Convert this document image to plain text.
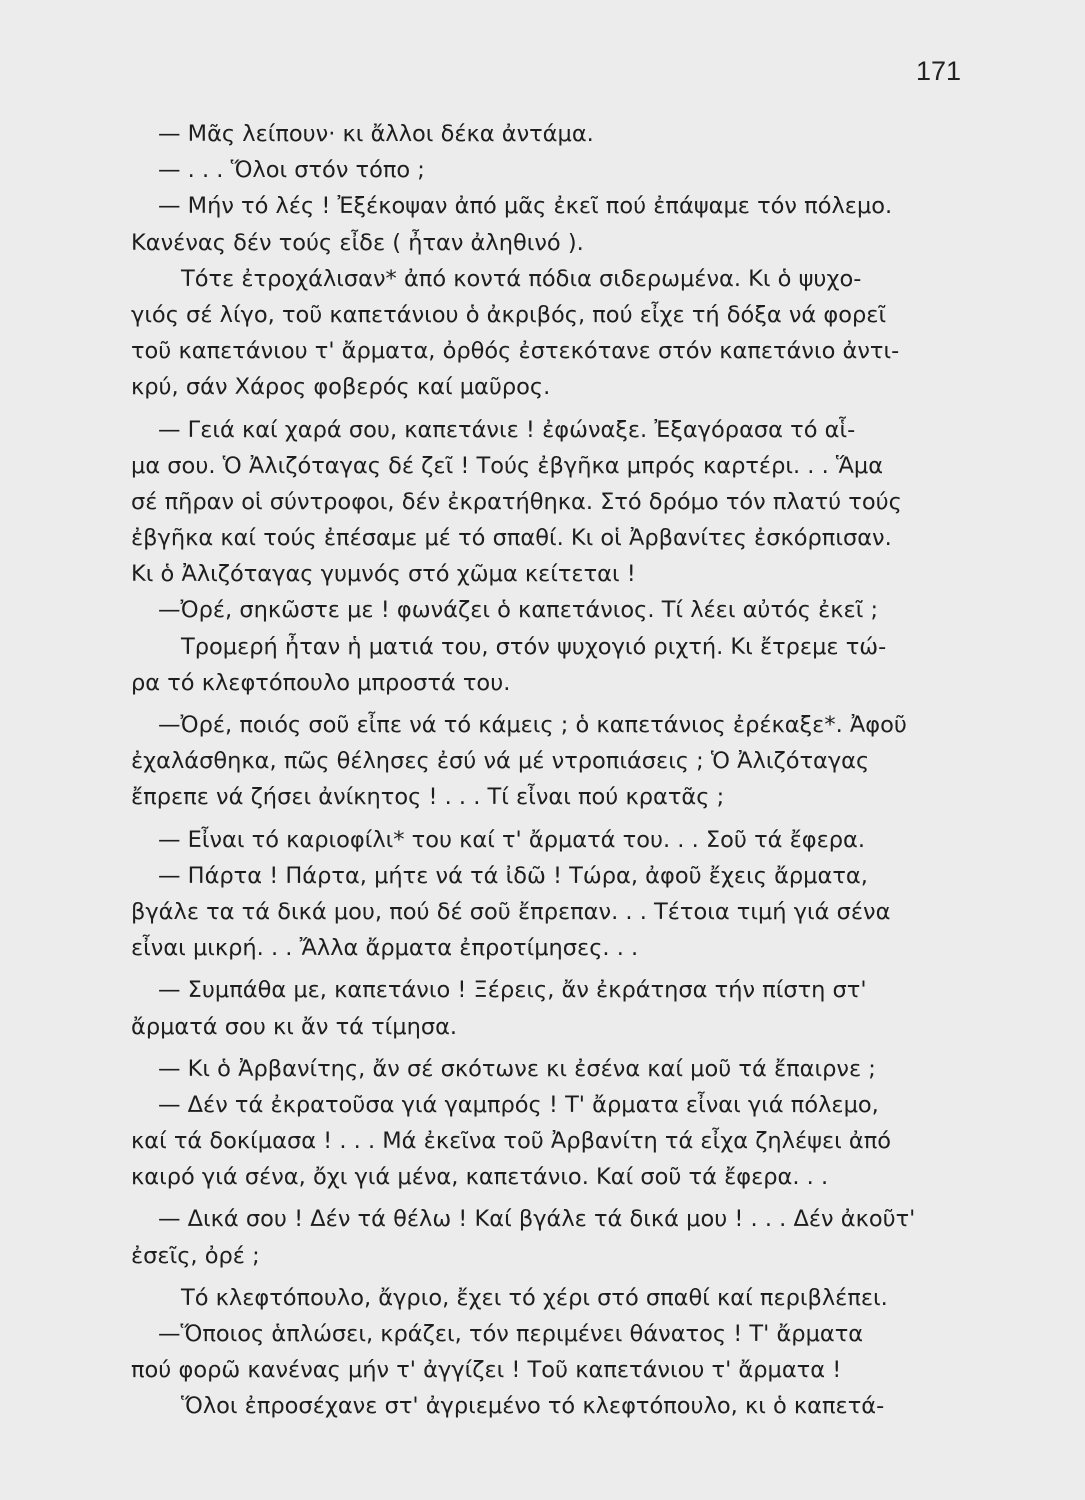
171
— Μᾶς λείπουν· κι ἄλλοι δέκα ἀντάμα.
— . . . Ὅλοι στόν τόπο ;
— Μήν τό λές ! Ἐξέκοψαν ἀπό μᾶς ἐκεῖ πού ἐπάψαμε τόν πόλεμο.
Κανένας δέν τούς εἶδε ( ἦταν ἀληθινό ).
Τότε ἐτροχάλισαν* ἀπό κοντά πόδια σιδερωμένα. Κι ὁ ψυχο-
γιός σέ λίγο, τοῦ καπετάνιου ὁ ἀκριβός, πού εἶχε τή δόξα νά φορεῖ
τοῦ καπετάνιου τ' ἄρματα, ὀρθός ἐστεκότανε στόν καπετάνιο ἀντι-
κρύ, σάν Χάρος φοβερός καί μαῦρος.
— Γειά καί χαρά σου, καπετάνιε ! ἐφώναξε. Ἐξαγόρασα τό αἷ-
μα σου. Ὁ Ἀλιζόταγας δέ ζεῖ ! Τούς ἐβγῆκα μπρός καρτέρι. . . Ἅμα
σέ πῆραν οἱ σύντροφοι, δέν ἐκρατήθηκα. Στό δρόμο τόν πλατύ τούς
ἐβγῆκα καί τούς ἐπέσαμε μέ τό σπαθί. Κι οἱ Ἀρβανίτες ἐσκόρπισαν.
Κι ὁ Ἀλιζόταγας γυμνός στό χῶμα κείτεται !
—Ὀρέ, σηκῶστε με ! φωνάζει ὁ καπετάνιος. Τί λέει αὐτός ἐκεῖ ;
Τρομερή ἦταν ἡ ματιά του, στόν ψυχογιό ριχτή. Κι ἔτρεμε τώ-
ρα τό κλεφτόπουλο μπροστά του.
—Ὀρέ, ποιός σοῦ εἶπε νά τό κάμεις ; ὁ καπετάνιος ἐρέκαξε*. Ἀφοῦ
ἐχαλάσθηκα, πῶς θέλησες ἐσύ νά μέ ντροπιάσεις ; Ὁ Ἀλιζόταγας
ἔπρεπε νά ζήσει ἀνίκητος ! . . . Τί εἶναι πού κρατᾶς ;
— Εἶναι τό καριοφίλι* του καί τ' ἄρματά του. . . Σοῦ τά ἔφερα.
— Πάρτα ! Πάρτα, μήτε νά τά ἰδῶ ! Τώρα, ἀφοῦ ἔχεις ἄρματα,
βγάλε τα τά δικά μου, πού δέ σοῦ ἔπρεπαν. . . Τέτοια τιμή γιά σένα
εἶναι μικρή. . . Ἄλλα ἄρματα ἐπροτίμησες. . .
— Συμπάθα με, καπετάνιο ! Ξέρεις, ἄν ἐκράτησα τήν πίστη στ'
ἄρματά σου κι ἄν τά τίμησα.
— Κι ὁ Ἀρβανίτης, ἄν σέ σκότωνε κι ἐσένα καί μοῦ τά ἔπαιρνε ;
— Δέν τά ἐκρατοῦσα γιά γαμπρός ! Τ' ἄρματα εἶναι γιά πόλεμο,
καί τά δοκίμασα ! . . . Μά ἐκεῖνα τοῦ Ἀρβανίτη τά εἶχα ζηλέψει ἀπό
καιρό γιά σένα, ὄχι γιά μένα, καπετάνιο. Καί σοῦ τά ἔφερα. . .
— Δικά σου ! Δέν τά θέλω ! Καί βγάλε τά δικά μου ! . . . Δέν ἀκοῦτ'
ἐσεῖς, ὀρέ ;
Τό κλεφτόπουλο, ἄγριο, ἔχει τό χέρι στό σπαθί καί περιβλέπει.
—Ὅποιος ἁπλώσει, κράζει, τόν περιμένει θάνατος ! Τ' ἄρματα
πού φορῶ κανένας μήν τ' ἀγγίζει ! Τοῦ καπετάνιου τ' ἄρματα !
Ὅλοι ἐπροσέχανε στ' ἀγριεμένο τό κλεφτόπουλο, κι ὁ καπετά-
